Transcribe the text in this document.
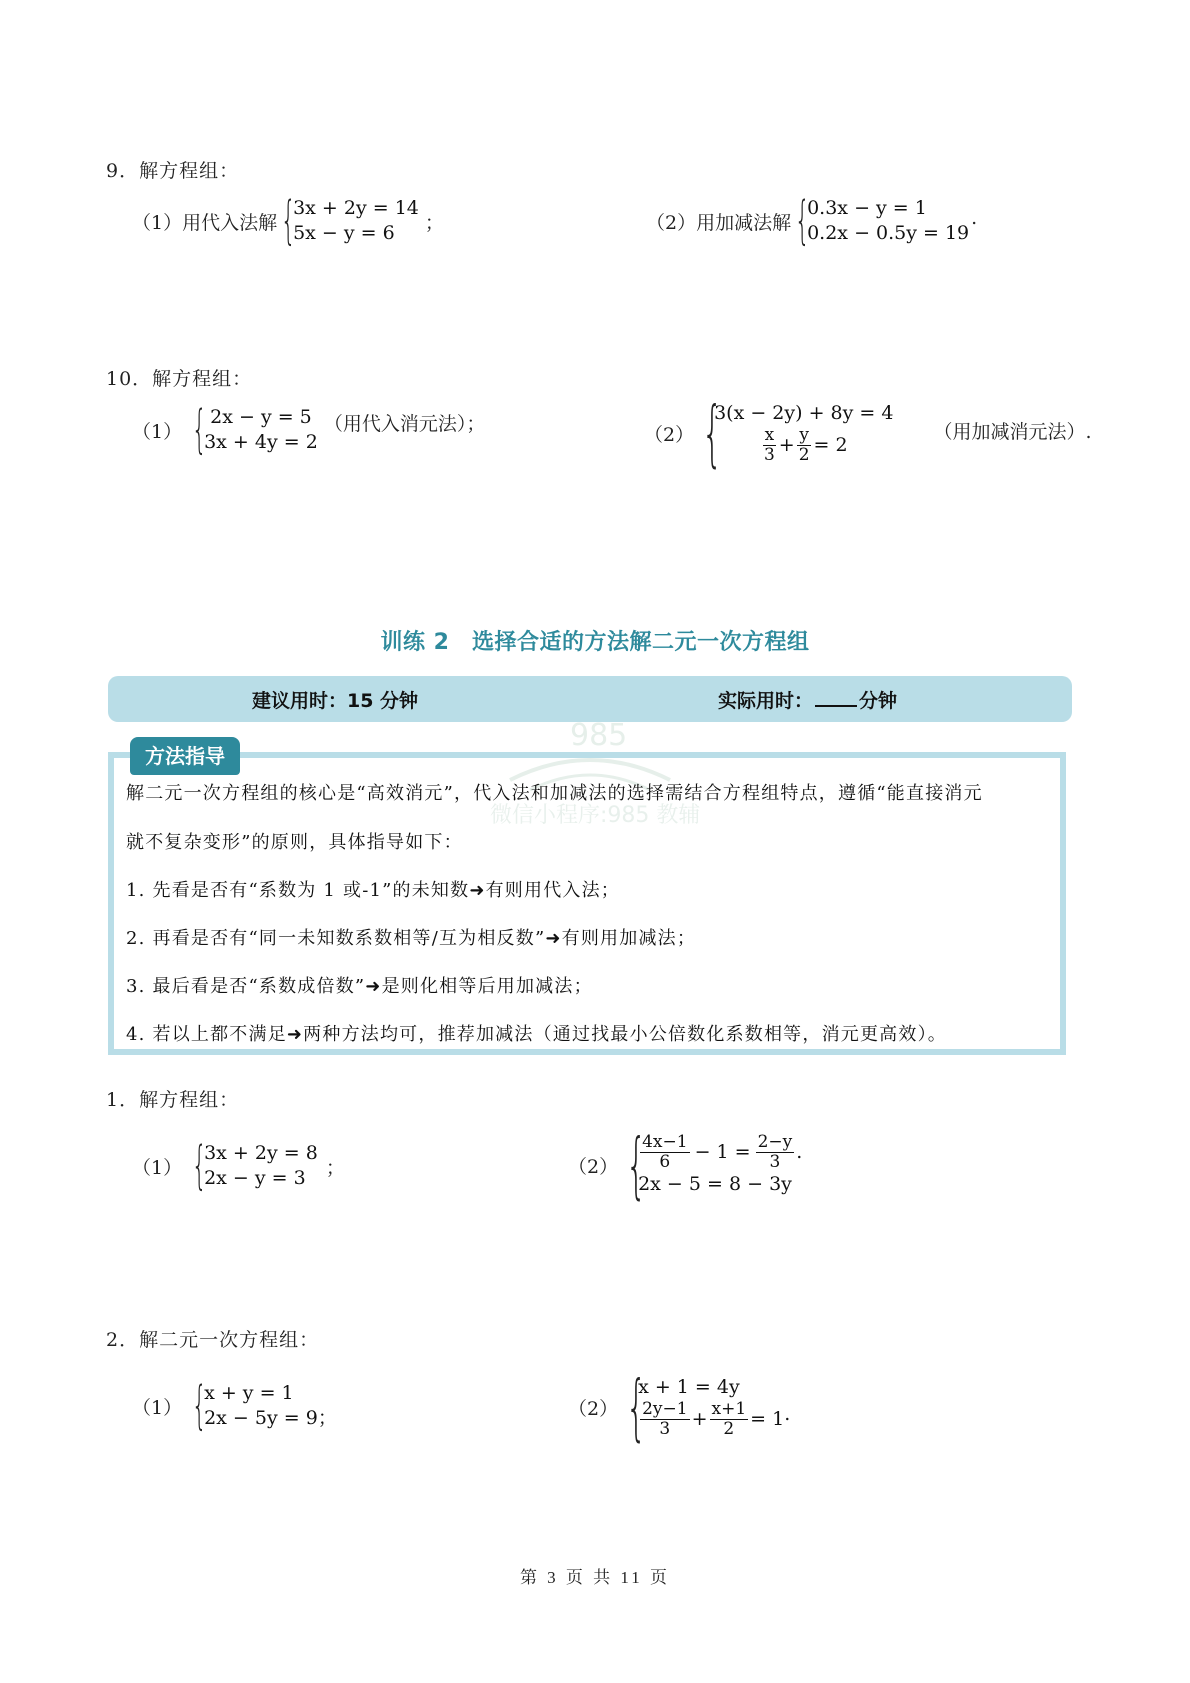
9．解方程组：
（1）用代入法解 {
3x + 2y = 14
5x − y = 6	；	（2）用加减法解 {
0.3x − y = 1
0.2x − 0.5y = 19
.
10．解方程组：
（1） { 2x − y = 5
3x + 4y = 2
（用代入消元法）；	（2） {
3(x − 2y) + 8y = 4
$\frac{x}{3} + \frac{y}{2} = 2$
（用加减消元法）.
训练 2　选择合适的方法解二元一次方程组
建议用时：15 分钟	实际用时： 分钟
微信小程序:985 教辅
985
方法指导
解二元一次方程组的核心是“高效消元”，代入法和加减法的选择需结合方程组特点，遵循“能直接消元
就不复杂变形”的原则，具体指导如下：
1. 先看是否有“系数为 1 或-1”的未知数➜有则用代入法；
2. 再看是否有“同一未知数系数相等/互为相反数”➜有则用加减法；
3. 最后看是否“系数成倍数”➜是则化相等后用加减法；
4. 若以上都不满足➜两种方法均可，推荐加减法（通过找最小公倍数化系数相等，消元更高效）。
1．解方程组：
（1） {
3x + 2y = 8
2x − y = 3	；	（2） {
$\frac{4x-1}{6} - 1 = \frac{2-y}{3}$ .
2x − 5 = 8 − 3y
2．解二元一次方程组：
（1） {
x + y = 1
2x − 5y = 9；	（2） {
x + 1 = 4y
$\frac{2y-1}{3} + \frac{x+1}{2} = 1$ .
第 3 页 共 11 页
